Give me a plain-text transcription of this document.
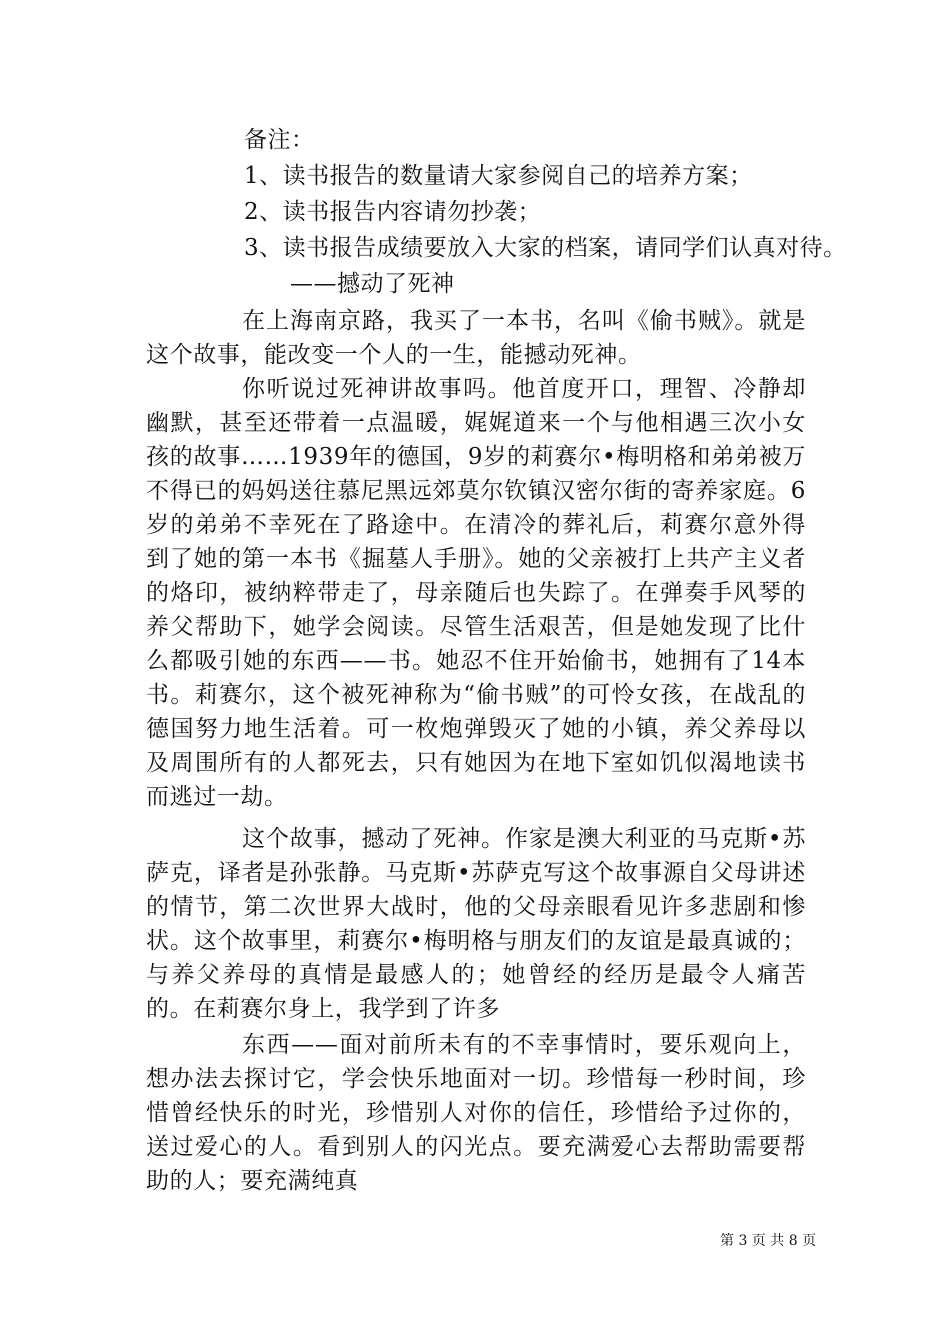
备注：
1、读书报告的数量请大家参阅自己的培养方案；
2、读书报告内容请勿抄袭；
3、读书报告成绩要放入大家的档案，请同学们认真对待。
——撼动了死神
在上海南京路，我买了一本书，名叫《偷书贼》。就是这个故事，能改变一个人的一生，能撼动死神。
你听说过死神讲故事吗。他首度开口，理智、冷静却幽默，甚至还带着一点温暖，娓娓道来一个与他相遇三次小女孩的故事……1939年的德国，9岁的莉赛尔•梅明格和弟弟被万不得已的妈妈送往慕尼黑远郊莫尔钦镇汉密尔街的寄养家庭。6岁的弟弟不幸死在了路途中。在清冷的葬礼后，莉赛尔意外得到了她的第一本书《掘墓人手册》。她的父亲被打上共产主义者的烙印，被纳粹带走了，母亲随后也失踪了。在弹奏手风琴的养父帮助下，她学会阅读。尽管生活艰苦，但是她发现了比什么都吸引她的东西——书。她忍不住开始偷书，她拥有了14本书。莉赛尔，这个被死神称为“偷书贼”的可怜女孩，在战乱的德国努力地生活着。可一枚炮弹毁灭了她的小镇，养父养母以及周围所有的人都死去，只有她因为在地下室如饥似渴地读书而逃过一劫。
这个故事，撼动了死神。作家是澳大利亚的马克斯•苏萨克，译者是孙张静。马克斯•苏萨克写这个故事源自父母讲述的情节，第二次世界大战时，他的父母亲眼看见许多悲剧和惨状。这个故事里，莉赛尔•梅明格与朋友们的友谊是最真诚的；与养父养母的真情是最感人的；她曾经的经历是最令人痛苦的。在莉赛尔身上，我学到了许多
东西——面对前所未有的不幸事情时，要乐观向上，想办法去探讨它，学会快乐地面对一切。珍惜每一秒时间，珍惜曾经快乐的时光，珍惜别人对你的信任，珍惜给予过你的，送过爱心的人。看到别人的闪光点。要充满爱心去帮助需要帮助的人；要充满纯真
第 3 页 共 8 页
